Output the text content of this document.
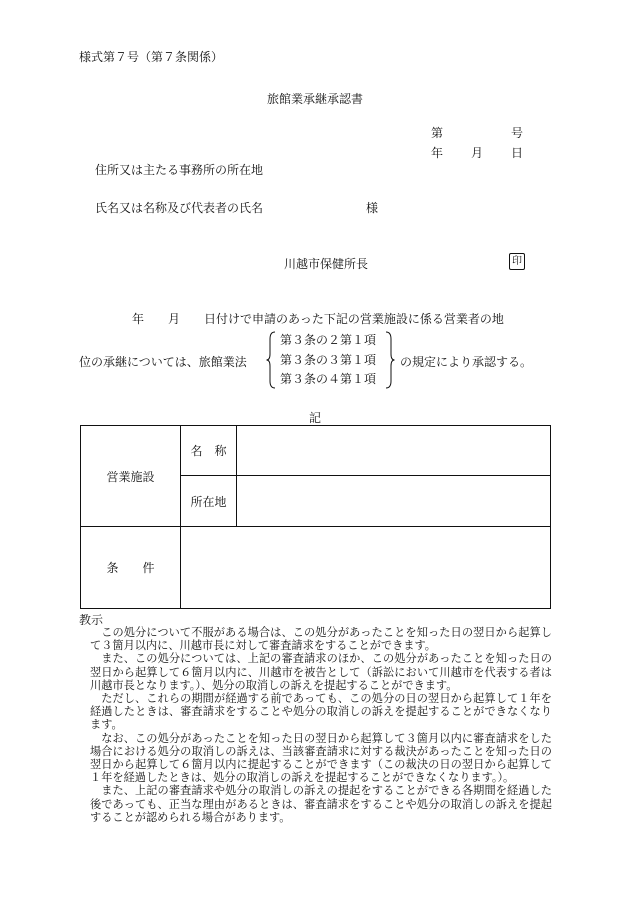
様式第７号（第７条関係）
旅館業承継承認書
第	号
年 月 日
住所又は主たる事務所の所在地
氏名又は名称及び代表者の氏名	様
川越市保健所長	印
年　　月　　日付けで申請のあった下記の営業施設に係る営業者の地
位の承継については、旅館業法
第３条の２第１項
第３条の３第１項
第３条の４第１項
の規定により承認する。
記
営業施設	名　称	
	所在地	
条　　件		
教示

この処分について不服がある場合は、この処分があったことを知った日の翌日から起算して３箇月以内に、川越市長に対して審査請求をすることができます。

また、この処分については、上記の審査請求のほか、この処分があったことを知った日の翌日から起算して６箇月以内に、川越市を被告として（訴訟において川越市を代表する者は川越市長となります。）、処分の取消しの訴えを提起することができます。

ただし、これらの期間が経過する前であっても、この処分の日の翌日から起算して１年を経過したときは、審査請求をすることや処分の取消しの訴えを提起することができなくなります。

なお、この処分があったことを知った日の翌日から起算して３箇月以内に審査請求をした場合における処分の取消しの訴えは、当該審査請求に対する裁決があったことを知った日の翌日から起算して６箇月以内に提起することができます（この裁決の日の翌日から起算して１年を経過したときは、処分の取消しの訴えを提起することができなくなります。）。

また、上記の審査請求や処分の取消しの訴えの提起をすることができる各期間を経過した後であっても、正当な理由があるときは、審査請求をすることや処分の取消しの訴えを提起することが認められる場合があります。
